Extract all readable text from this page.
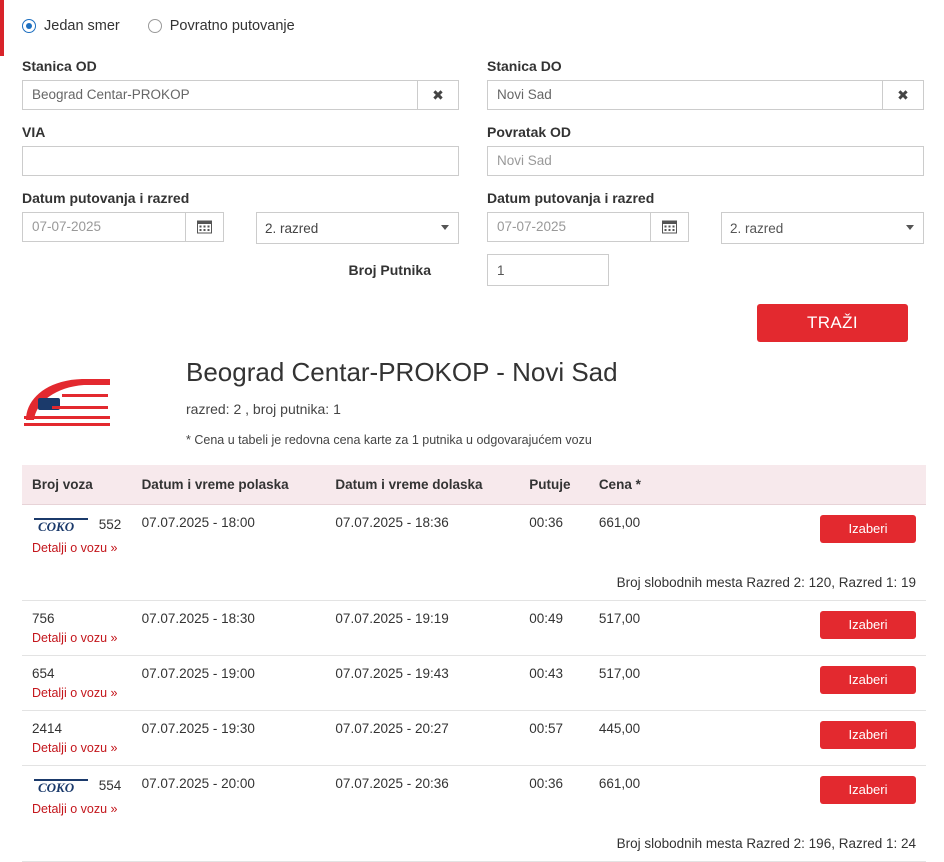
Jedan smer	Povratno putovanje
Stanica OD
Beograd Centar-PROKOP	✖
VIA
Datum putovanja i razred
07-07-2025
2. razred
Stanica DO
Novi Sad	✖
Povratak OD
Novi Sad
Datum putovanja i razred
07-07-2025
2. razred
Broj Putnika
1
TRAŽI
Beograd Centar-PROKOP - Novi Sad

razred: 2 , broj putnika: 1

* Cena u tabeli je redovna cena karte za 1 putnika u odgovarajućem vozu

Broj voza	Datum i vreme polaska	Datum i vreme dolaska	Putuje	Cena *	

COKO 552
Detalji o vozu »	07.07.2025 - 18:00	07.07.2025 - 18:36	00:36	661,00	Izaberi

Broj slobodnih mesta Razred 2: 120, Razred 1: 19					
756
Detalji o vozu »	07.07.2025 - 18:30	07.07.2025 - 19:19	00:49	517,00	Izaberi

654
Detalji o vozu »	07.07.2025 - 19:00	07.07.2025 - 19:43	00:43	517,00	Izaberi

2414
Detalji o vozu »	07.07.2025 - 19:30	07.07.2025 - 20:27	00:57	445,00	Izaberi

COKO 554
Detalji o vozu »	07.07.2025 - 20:00	07.07.2025 - 20:36	00:36	661,00	Izaberi

Broj slobodnih mesta Razred 2: 196, Razred 1: 24					
